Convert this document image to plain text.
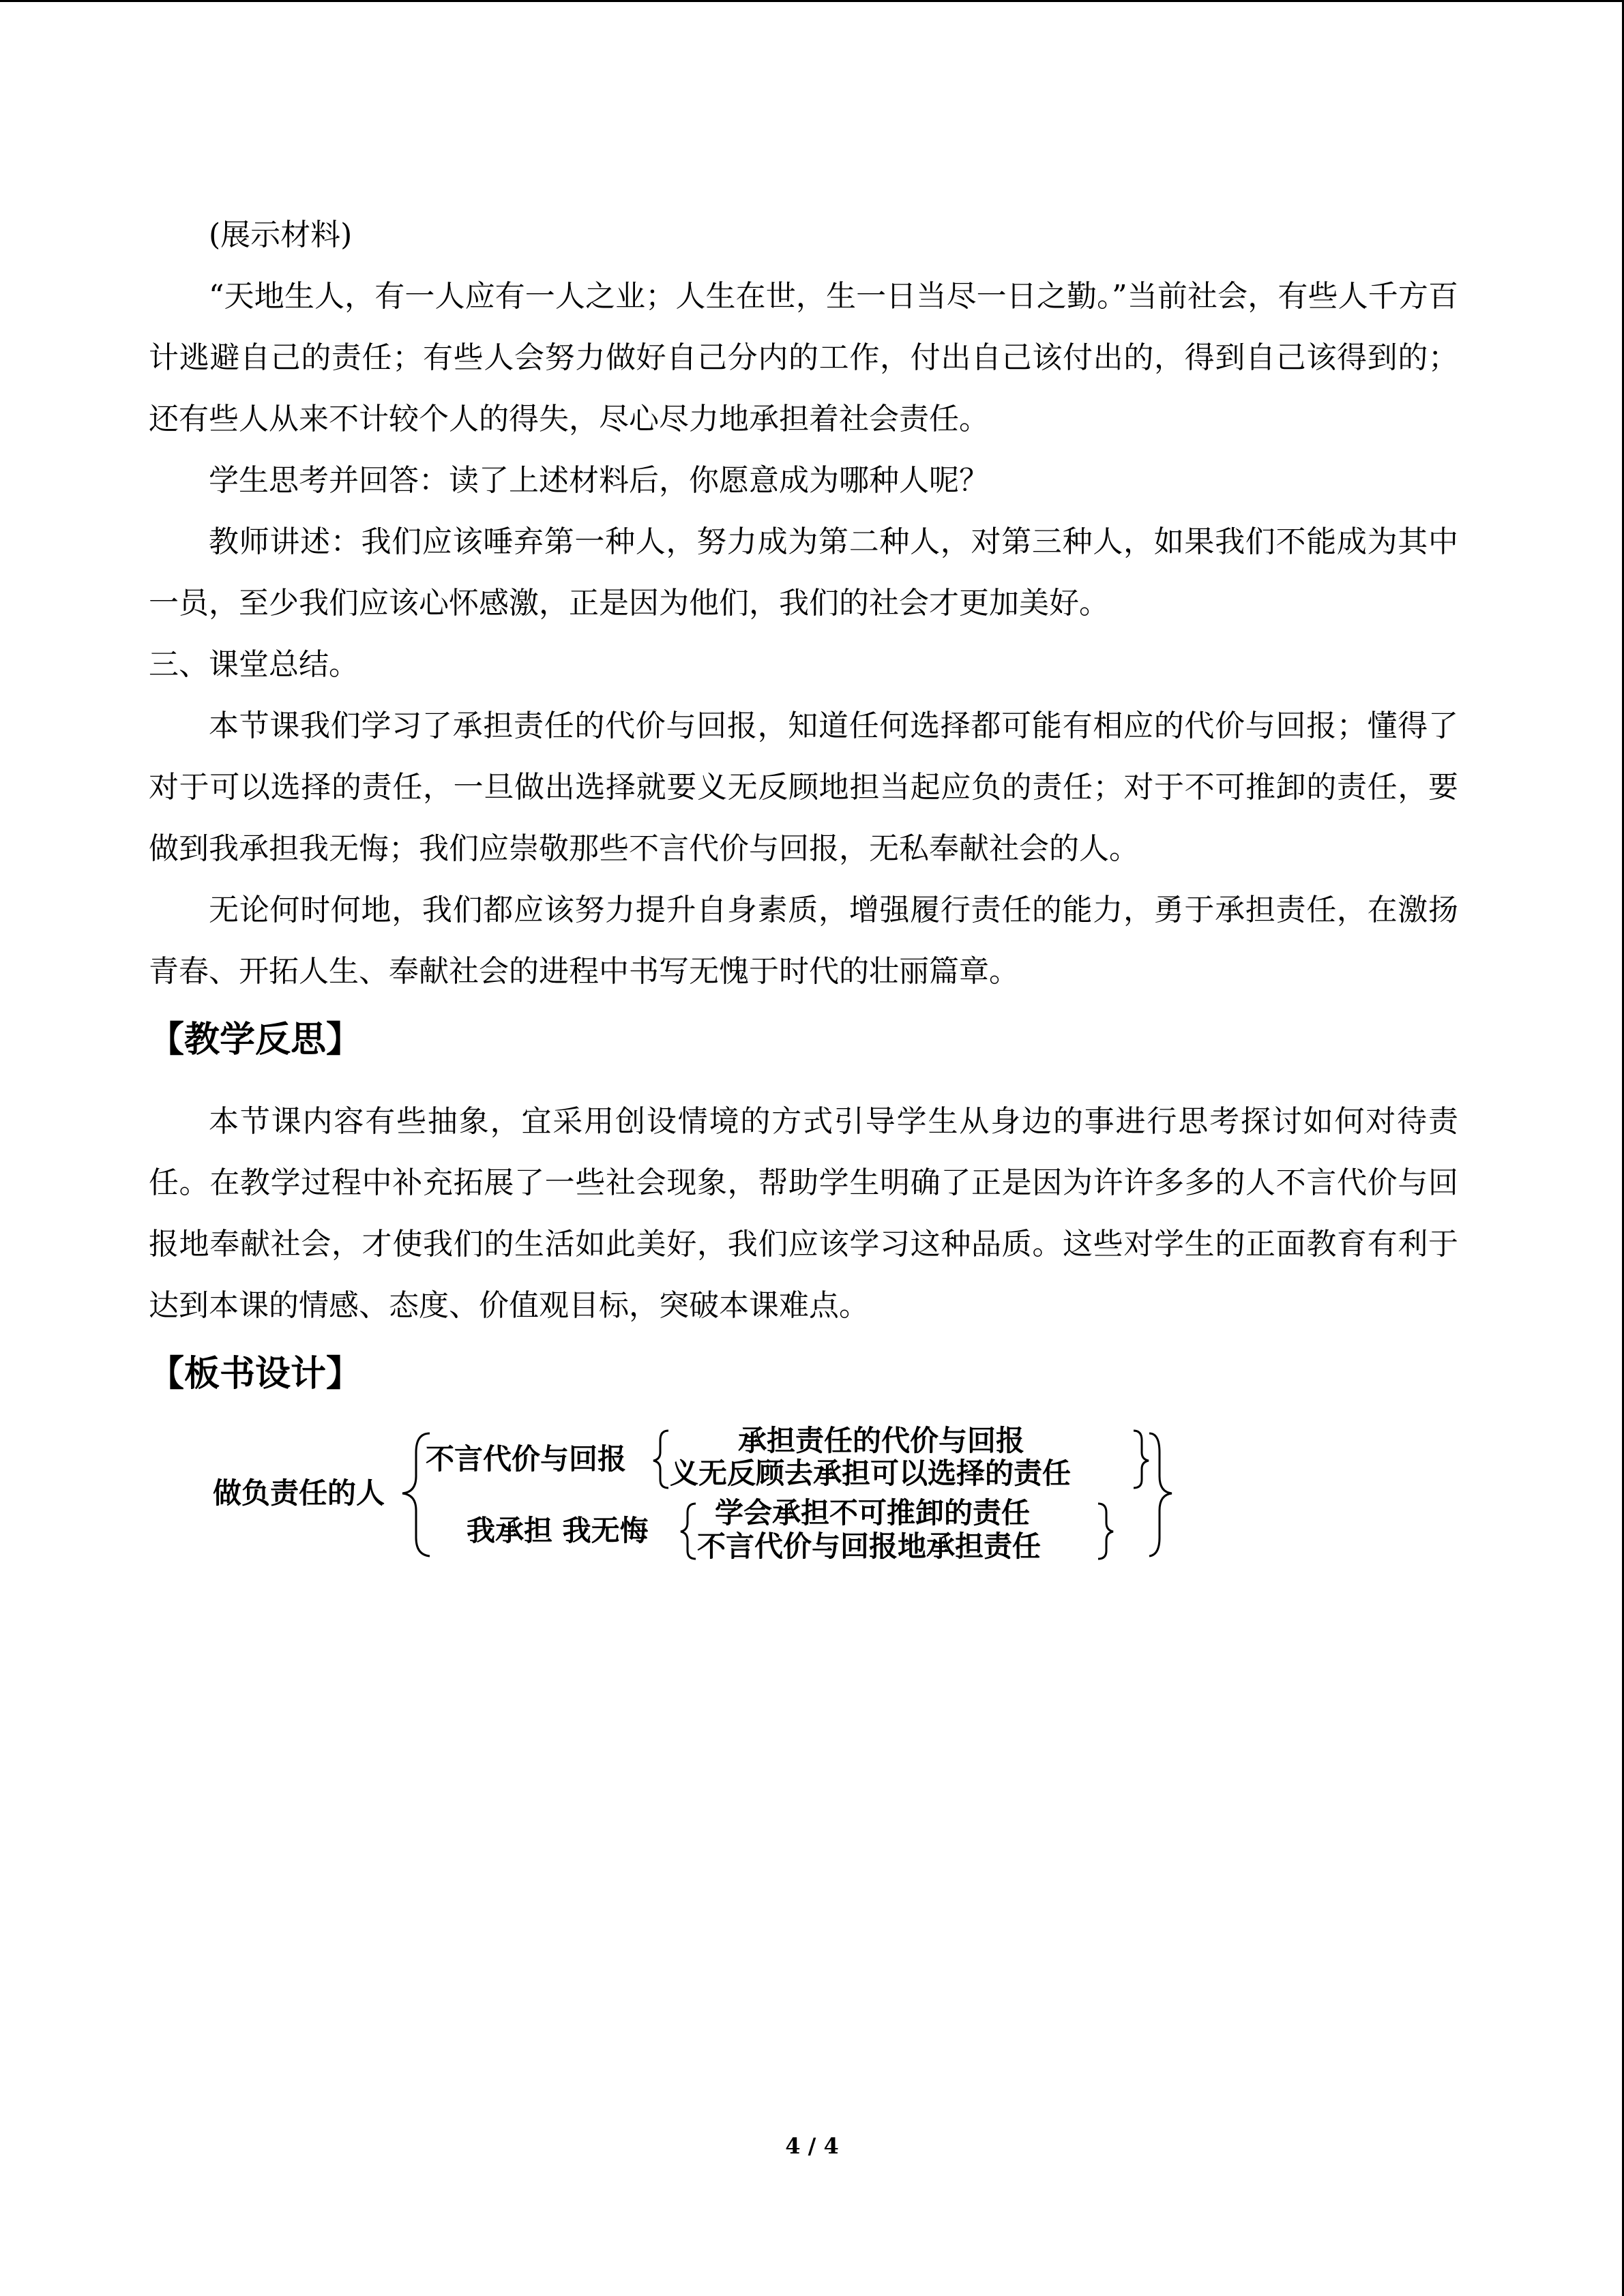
(展示材料)

“天地生人，有一人应有一人之业；人生在世，生一日当尽一日之勤。”当前社会，有些人千方百计逃避自己的责任；有些人会努力做好自己分内的工作，付出自己该付出的，得到自己该得到的；还有些人从来不计较个人的得失，尽心尽力地承担着社会责任。

学生思考并回答：读了上述材料后，你愿意成为哪种人呢？

教师讲述：我们应该唾弃第一种人，努力成为第二种人，对第三种人，如果我们不能成为其中一员，至少我们应该心怀感激，正是因为他们，我们的社会才更加美好。

三、课堂总结。

本节课我们学习了承担责任的代价与回报，知道任何选择都可能有相应的代价与回报；懂得了对于可以选择的责任，一旦做出选择就要义无反顾地担当起应负的责任；对于不可推卸的责任，要做到我承担我无悔；我们应崇敬那些不言代价与回报，无私奉献社会的人。

无论何时何地，我们都应该努力提升自身素质，增强履行责任的能力，勇于承担责任，在激扬青春、开拓人生、奉献社会的进程中书写无愧于时代的壮丽篇章。

【教学反思】

本节课内容有些抽象，宜采用创设情境的方式引导学生从身边的事进行思考探讨如何对待责任。在教学过程中补充拓展了一些社会现象，帮助学生明确了正是因为许许多多的人不言代价与回报地奉献社会，才使我们的生活如此美好，我们应该学习这种品质。这些对学生的正面教育有利于达到本课的情感、态度、价值观目标，突破本课难点。

【板书设计】
做负责任的人
不言代价与回报
承担责任的代价与回报
义无反顾去承担可以选择的责任
我承担 我无悔
学会承担不可推卸的责任
不言代价与回报地承担责任
4 / 4
